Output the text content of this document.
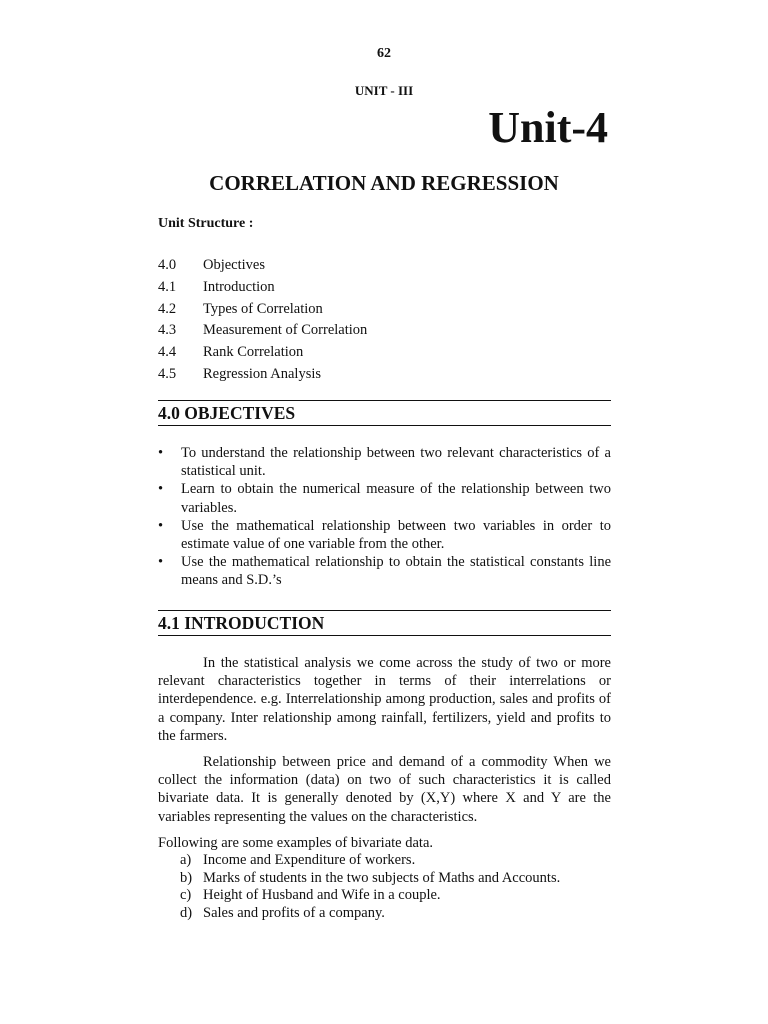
62
UNIT - III
Unit-4
CORRELATION AND REGRESSION
Unit Structure :
4.0 Objectives
4.1 Introduction
4.2 Types of Correlation
4.3 Measurement of Correlation
4.4 Rank Correlation
4.5 Regression Analysis
4.0 OBJECTIVES
• To understand the relationship between two relevant characteristics of a statistical unit.
• Learn to obtain the numerical measure of the relationship between two variables.
• Use the mathematical relationship between two variables in order to estimate value of one variable from the other.
• Use the mathematical relationship to obtain the statistical constants line means and S.D.’s
4.1 INTRODUCTION

In the statistical analysis we come across the study of two or more relevant characteristics together in terms of their interrelations or interdependence. e.g. Interrelationship among production, sales and profits of a company. Inter relationship among rainfall, fertilizers, yield and profits to the farmers.

Relationship between price and demand of a commodity When we collect the information (data) on two of such characteristics it is called bivariate data. It is generally denoted by (X,Y) where X and Y are the variables representing the values on the characteristics.

Following are some examples of bivariate data.

a) Income and Expenditure of workers.
b) Marks of students in the two subjects of Maths and Accounts.
c) Height of Husband and Wife in a couple.
d) Sales and profits of a company.
